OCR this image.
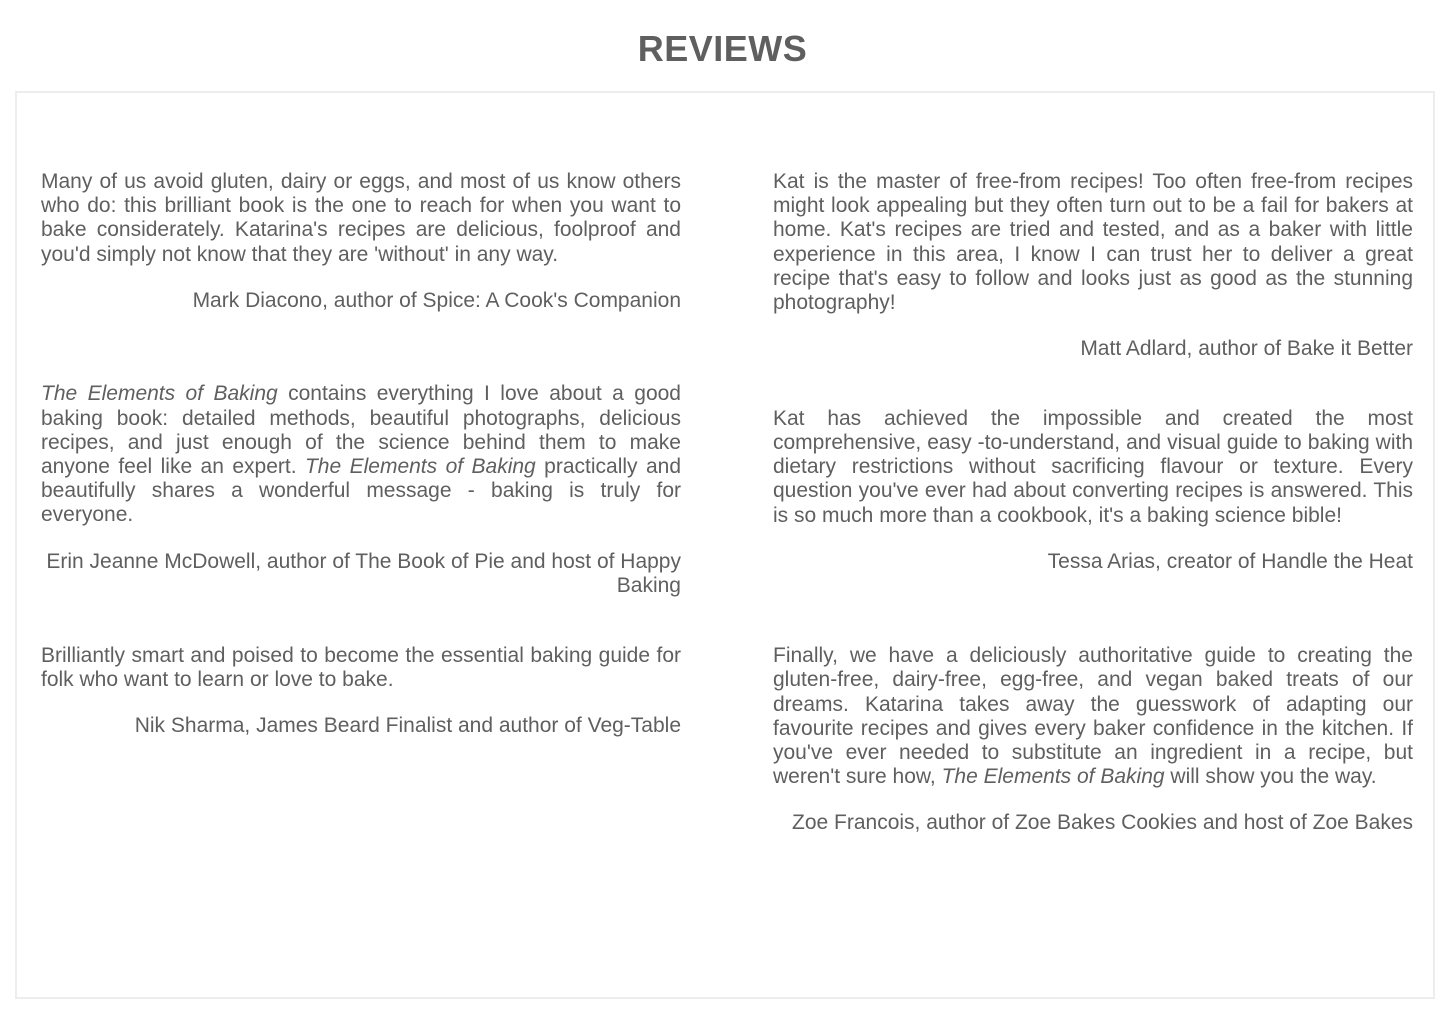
REVIEWS

Many of us avoid gluten, dairy or eggs, and most of us know others who do: this brilliant book is the one to reach for when you want to bake considerately. Katarina's recipes are delicious, foolproof and you'd simply not know that they are 'without' in any way.

Mark Diacono, author of Spice: A Cook's Companion

The Elements of Baking contains everything I love about a good baking book: detailed methods, beautiful photographs, delicious recipes, and just enough of the science behind them to make anyone feel like an expert. The Elements of Baking practically and beautifully shares a wonderful message - baking is truly for everyone.

Erin Jeanne McDowell, author of The Book of Pie and host of Happy Baking

Brilliantly smart and poised to become the essential baking guide for folk who want to learn or love to bake.

Nik Sharma, James Beard Finalist and author of Veg-Table

Kat is the master of free-from recipes! Too often free-from recipes might look appealing but they often turn out to be a fail for bakers at home. Kat's recipes are tried and tested, and as a baker with little experience in this area, I know I can trust her to deliver a great recipe that's easy to follow and looks just as good as the stunning photography!

Matt Adlard, author of Bake it Better

Kat has achieved the impossible and created the most comprehensive, easy -to-understand, and visual guide to baking with dietary restrictions without sacrificing flavour or texture. Every question you've ever had about converting recipes is answered. This is so much more than a cookbook, it's a baking science bible!

Tessa Arias, creator of Handle the Heat

Finally, we have a deliciously authoritative guide to creating the gluten-free, dairy-free, egg-free, and vegan baked treats of our dreams. Katarina takes away the guesswork of adapting our favourite recipes and gives every baker confidence in the kitchen. If you've ever needed to substitute an ingredient in a recipe, but weren't sure how, The Elements of Baking will show you the way.

Zoe Francois, author of Zoe Bakes Cookies and host of Zoe Bakes
